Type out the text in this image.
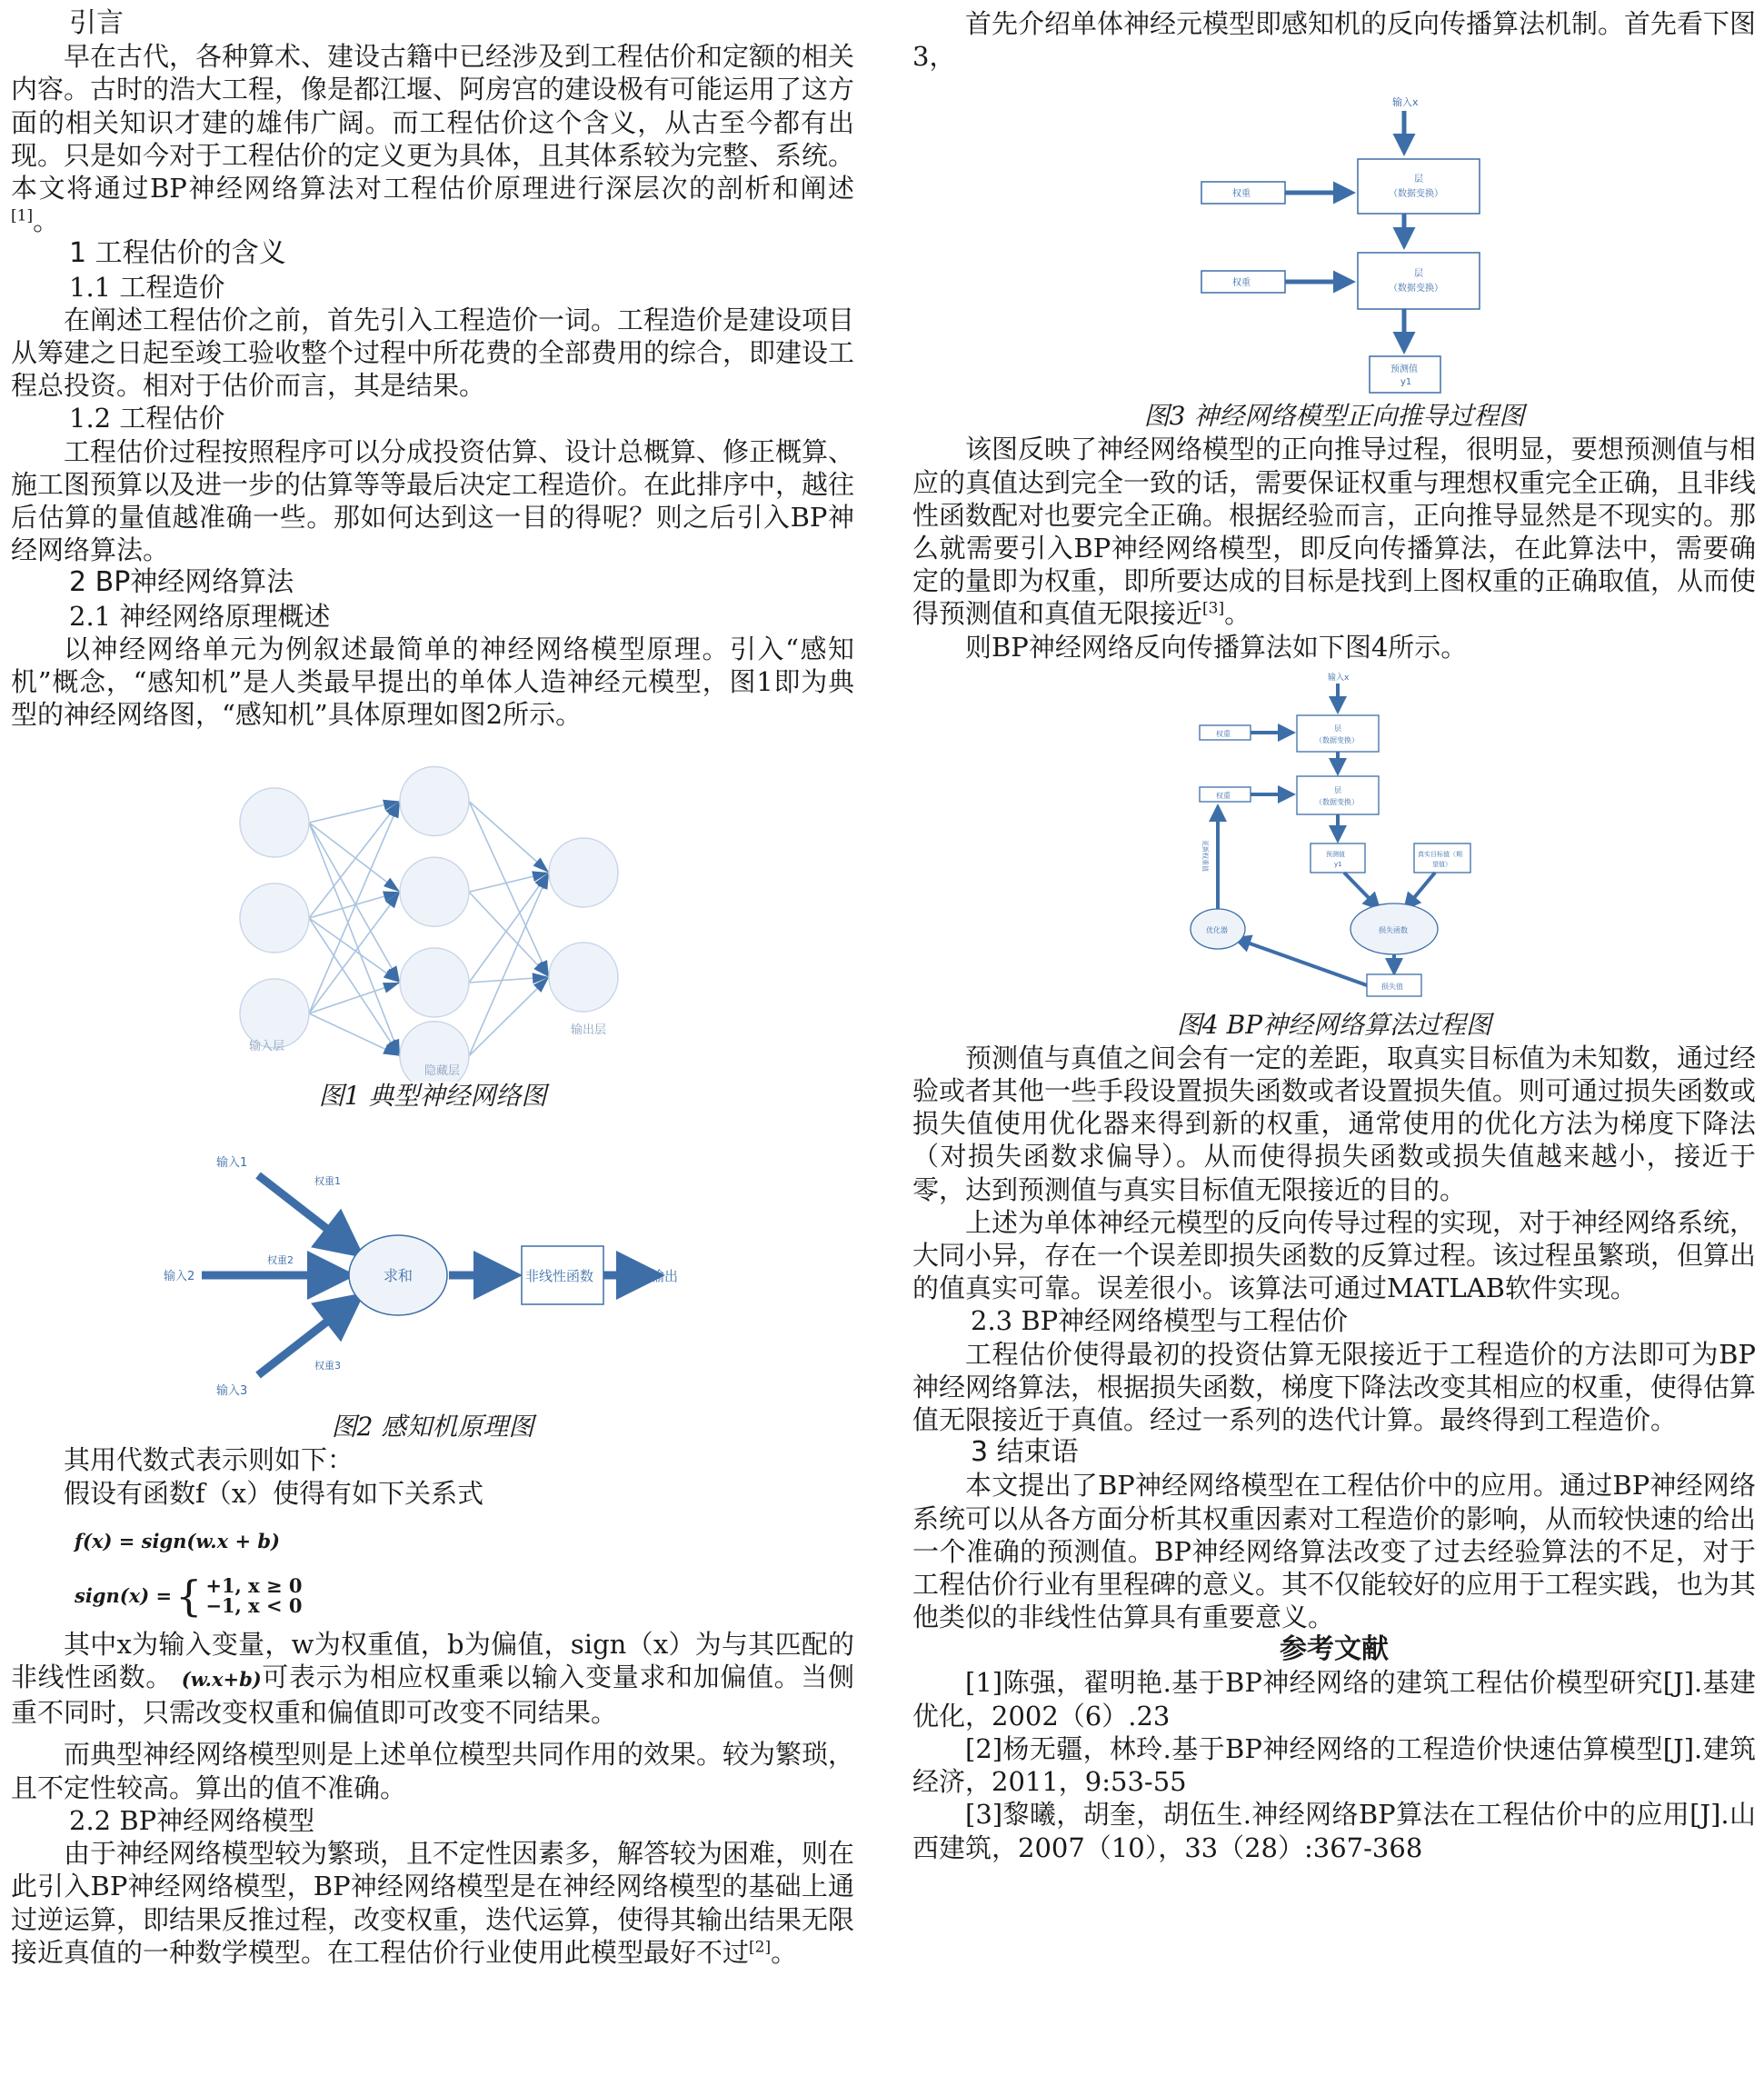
引言

早在古代，各种算术、建设古籍中已经涉及到工程估价和定额的相关内容。古时的浩大工程，像是都江堰、阿房宫的建设极有可能运用了这方面的相关知识才建的雄伟广阔。而工程估价这个含义，从古至今都有出现。只是如今对于工程估价的定义更为具体，且其体系较为完整、系统。本文将通过BP神经网络算法对工程估价原理进行深层次的剖析和阐述[1]。

1 工程估价的含义

1.1 工程造价

在阐述工程估价之前，首先引入工程造价一词。工程造价是建设项目从筹建之日起至竣工验收整个过程中所花费的全部费用的综合，即建设工程总投资。相对于估价而言，其是结果。

1.2 工程估价

工程估价过程按照程序可以分成投资估算、设计总概算、修正概算、施工图预算以及进一步的估算等等最后决定工程造价。在此排序中，越往后估算的量值越准确一些。那如何达到这一目的得呢？则之后引入BP神经网络算法。

2 BP神经网络算法

2.1 神经网络原理概述

以神经网络单元为例叙述最简单的神经网络模型原理。引入“感知机”概念，“感知机”是人类最早提出的单体人造神经元模型，图1即为典型的神经网络图，“感知机”具体原理如图2所示。

输入层
隐藏层
输出层

图1 典型神经网络图

输入1
输入2
输入3
权重1
权重2
权重3
求和	非线性函数	输出

图2 感知机原理图

其用代数式表示则如下：

假设有函数f（x）使得有如下关系式

f(x) = sign(w.x + b)
sign(x) = { +1, x ≥ 0
−1, x < 0

其中x为输入变量，w为权重值，b为偏值，sign（x）为与其匹配的非线性函数。 (w.x+b)可表示为相应权重乘以输入变量求和加偏值。当侧重不同时，只需改变权重和偏值即可改变不同结果。

而典型神经网络模型则是上述单位模型共同作用的效果。较为繁琐，且不定性较高。算出的值不准确。

2.2 BP神经网络模型

由于神经网络模型较为繁琐，且不定性因素多，解答较为困难，则在此引入BP神经网络模型，BP神经网络模型是在神经网络模型的基础上通过逆运算，即结果反推过程，改变权重，迭代运算，使得其输出结果无限接近真值的一种数学模型。在工程估价行业使用此模型最好不过[2]。

首先介绍单体神经元模型即感知机的反向传播算法机制。首先看下图3，

输入x
层
（数据变换）
权重
层
（数据变换）
权重
预测值
y1

图3 神经网络模型正向推导过程图

该图反映了神经网络模型的正向推导过程，很明显，要想预测值与相应的真值达到完全一致的话，需要保证权重与理想权重完全正确，且非线性函数配对也要完全正确。根据经验而言，正向推导显然是不现实的。那么就需要引入BP神经网络模型，即反向传播算法，在此算法中，需要确定的量即为权重，即所要达成的目标是找到上图权重的正确取值，从而使得预测值和真值无限接近[3]。

则BP神经网络反向传播算法如下图4所示。

输入x
层
（数据变换）
权重
层
（数据变换）
权重
预测值
y1
真实目标值（期
望值）
损失函数
损失值
优化器
更新权重值

图4 BP神经网络算法过程图

预测值与真值之间会有一定的差距，取真实目标值为未知数，通过经验或者其他一些手段设置损失函数或者设置损失值。则可通过损失函数或损失值使用优化器来得到新的权重，通常使用的优化方法为梯度下降法（对损失函数求偏导）。从而使得损失函数或损失值越来越小，接近于零，达到预测值与真实目标值无限接近的目的。

上述为单体神经元模型的反向传导过程的实现，对于神经网络系统，大同小异，存在一个误差即损失函数的反算过程。该过程虽繁琐，但算出的值真实可靠。误差很小。该算法可通过MATLAB软件实现。

2.3 BP神经网络模型与工程估价

工程估价使得最初的投资估算无限接近于工程造价的方法即可为BP神经网络算法，根据损失函数，梯度下降法改变其相应的权重，使得估算值无限接近于真值。经过一系列的迭代计算。最终得到工程造价。

3 结束语

本文提出了BP神经网络模型在工程估价中的应用。通过BP神经网络系统可以从各方面分析其权重因素对工程造价的影响，从而较快速的给出一个准确的预测值。BP神经网络算法改变了过去经验算法的不足，对于工程估价行业有里程碑的意义。其不仅能较好的应用于工程实践，也为其他类似的非线性估算具有重要意义。

参考文献

[1]陈强，翟明艳.基于BP神经网络的建筑工程估价模型研究[J].基建优化，2002（6）.23

[2]杨无疆，林玲.基于BP神经网络的工程造价快速估算模型[J].建筑经济，2011，9:53-55

[3]黎曦，胡奎，胡伍生.神经网络BP算法在工程估价中的应用[J].山西建筑，2007（10），33（28）:367-368
